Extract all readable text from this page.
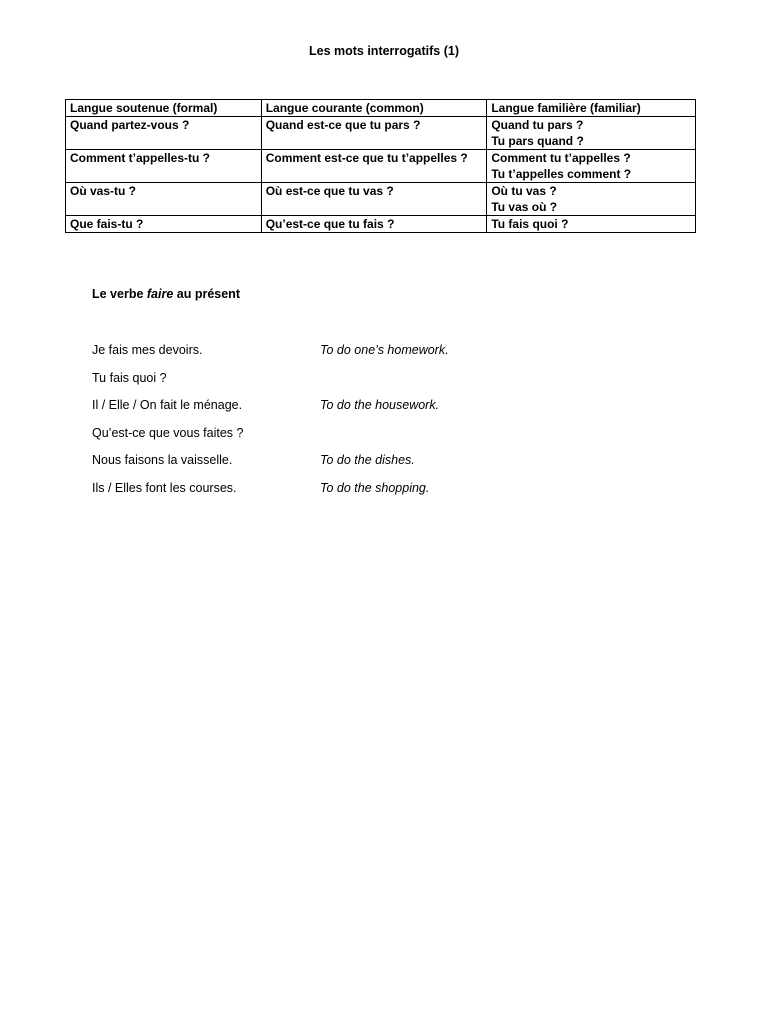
Les mots interrogatifs (1)
Langue soutenue (formal)	Langue courante (common)	Langue familière (familiar)
Quand partez-vous ?	Quand est-ce que tu pars ?	Quand tu pars ?
Tu pars quand ?

Comment t’appelles-tu ?	Comment est-ce que tu t’appelles ?	Comment tu t’appelles ?
Tu t’appelles comment ?

Où vas-tu ?	Où est-ce que tu vas ?	Où tu vas ?
Tu vas où ?

Que fais-tu ?	Qu’est-ce que tu fais ?	Tu fais quoi ?
Le verbe faire au présent
Je fais mes devoirs.	To do one’s homework.
Tu fais quoi ?
Il / Elle / On fait le ménage.	To do the housework.
Qu’est-ce que vous faites ?
Nous faisons la vaisselle.	To do the dishes.
Ils / Elles font les courses.	To do the shopping.
